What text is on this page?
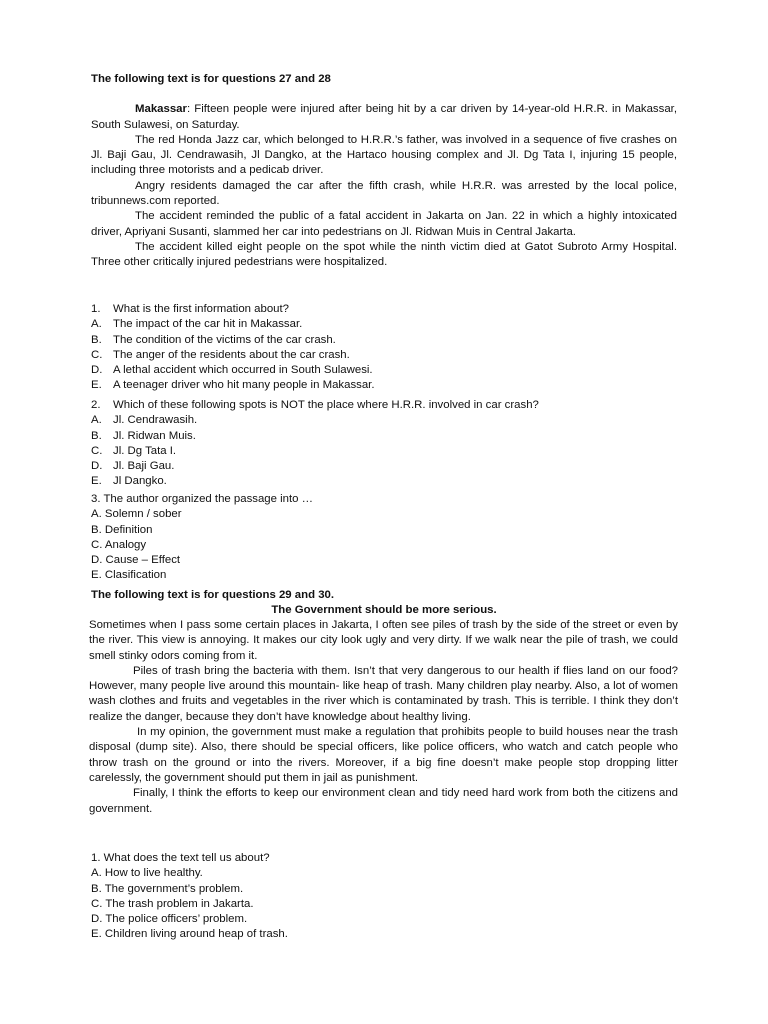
The following text is for questions 27 and 28

Makassar: Fifteen people were injured after being hit by a car driven by 14-year-old H.R.R. in Makassar, South Sulawesi, on Saturday.

The red Honda Jazz car, which belonged to H.R.R.’s father, was involved in a sequence of five crashes on Jl. Baji Gau, Jl. Cendrawasih, Jl Dangko, at the Hartaco housing complex and Jl. Dg Tata I, injuring 15 people, including three motorists and a pedicab driver.

Angry residents damaged the car after the fifth crash, while H.R.R. was arrested by the local police, tribunnews.com reported.

The accident reminded the public of a fatal accident in Jakarta on Jan. 22 in which a highly intoxicated driver, Apriyani Susanti, slammed her car into pedestrians on Jl. Ridwan Muis in Central Jakarta.

The accident killed eight people on the spot while the ninth victim died at Gatot Subroto Army Hospital. Three other critically injured pedestrians were hospitalized.

1. What is the first information about?
A. The impact of the car hit in Makassar.
B. The condition of the victims of the car crash.
C. The anger of the residents about the car crash.
D. A lethal accident which occurred in South Sulawesi.
E. A teenager driver who hit many people in Makassar.
2. Which of these following spots is NOT the place where H.R.R. involved in car crash?
A. Jl. Cendrawasih.
B. Jl. Ridwan Muis.
C. Jl. Dg Tata I.
D. Jl. Baji Gau.
E. Jl Dangko.
3. The author organized the passage into …
A. Solemn / sober
B. Definition
C. Analogy
D. Cause – Effect
E. Clasification
The following text is for questions 29 and 30.
The Government should be more serious.

Sometimes when I pass some certain places in Jakarta, I often see piles of trash by the side of the street or even by the river. This view is annoying. It makes our city look ugly and very dirty. If we walk near the pile of trash, we could smell stinky odors coming from it.

Piles of trash bring the bacteria with them. Isn’t that very dangerous to our health if flies land on our food? However, many people live around this mountain- like heap of trash. Many children play nearby. Also, a lot of women wash clothes and fruits and vegetables in the river which is contaminated by trash. This is terrible. I think they don’t realize the danger, because they don’t have knowledge about healthy living.

In my opinion, the government must make a regulation that prohibits people to build houses near the trash disposal (dump site). Also, there should be special officers, like police officers, who watch and catch people who throw trash on the ground or into the rivers. Moreover, if a big fine doesn’t make people stop dropping litter carelessly, the government should put them in jail as punishment.

Finally, I think the efforts to keep our environment clean and tidy need hard work from both the citizens and government.

1. What does the text tell us about?
A. How to live healthy.
B. The government’s problem.
C. The trash problem in Jakarta.
D. The police officers’ problem.
E. Children living around heap of trash.
